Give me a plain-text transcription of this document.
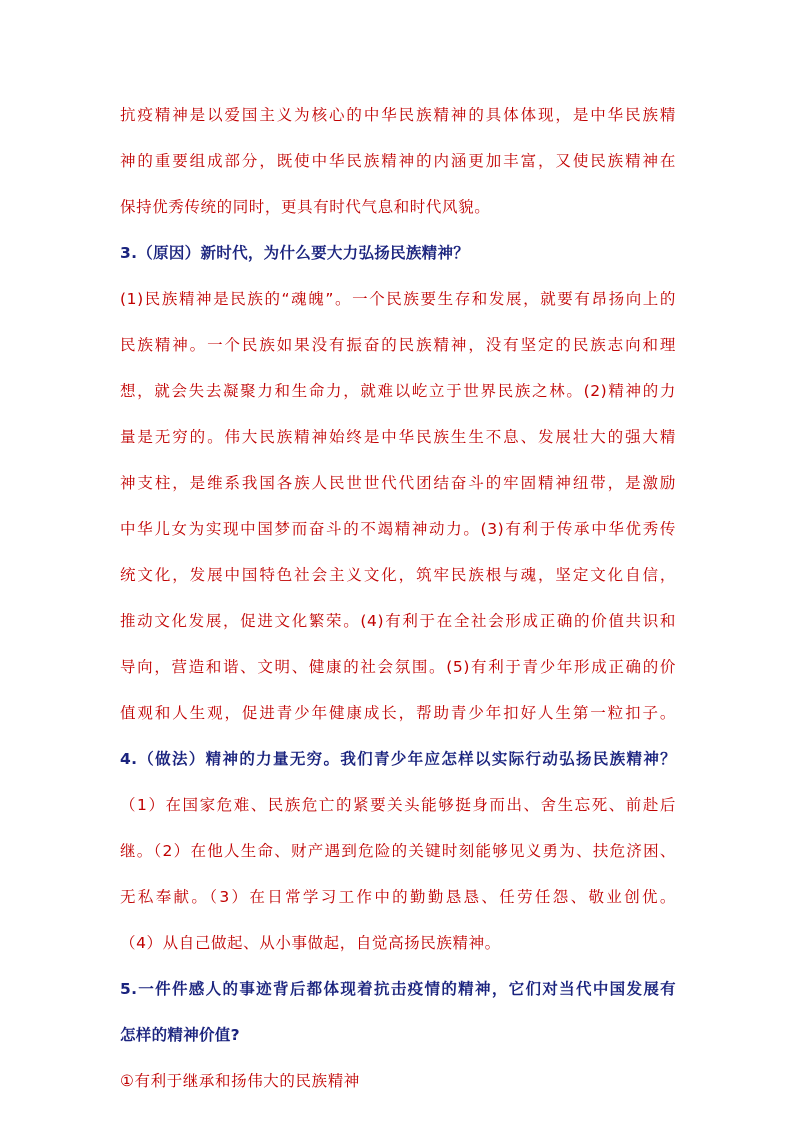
抗疫精神是以爱国主义为核心的中华民族精神的具体体现，是中华民族精
神的重要组成部分，既使中华民族精神的内涵更加丰富，又使民族精神在
保持优秀传统的同时，更具有时代气息和时代风貌。
3.（原因）新时代，为什么要大力弘扬民族精神？
(1)民族精神是民族的“魂魄”。一个民族要生存和发展，就要有昂扬向上的
民族精神。一个民族如果没有振奋的民族精神，没有坚定的民族志向和理
想，就会失去凝聚力和生命力，就难以屹立于世界民族之林。(2)精神的力
量是无穷的。伟大民族精神始终是中华民族生生不息、发展壮大的强大精
神支柱，是维系我国各族人民世世代代团结奋斗的牢固精神纽带，是激励
中华儿女为实现中国梦而奋斗的不竭精神动力。(3)有利于传承中华优秀传
统文化，发展中国特色社会主义文化，筑牢民族根与魂，坚定文化自信，
推动文化发展，促进文化繁荣。(4)有利于在全社会形成正确的价值共识和
导向，营造和谐、文明、健康的社会氛围。(5)有利于青少年形成正确的价
值观和人生观，促进青少年健康成长，帮助青少年扣好人生第一粒扣子。
4.（做法）精神的力量无穷。我们青少年应怎样以实际行动弘扬民族精神？
（1）在国家危难、民族危亡的紧要关头能够挺身而出、舍生忘死、前赴后
继。（2）在他人生命、财产遇到危险的关键时刻能够见义勇为、扶危济困、
无私奉献。（3）在日常学习工作中的勤勤恳恳、任劳任怨、敬业创优。
（4）从自己做起、从小事做起，自觉高扬民族精神。
5.一件件感人的事迹背后都体现着抗击疫情的精神，它们对当代中国发展有
怎样的精神价值?
①有利于继承和扬伟大的民族精神
